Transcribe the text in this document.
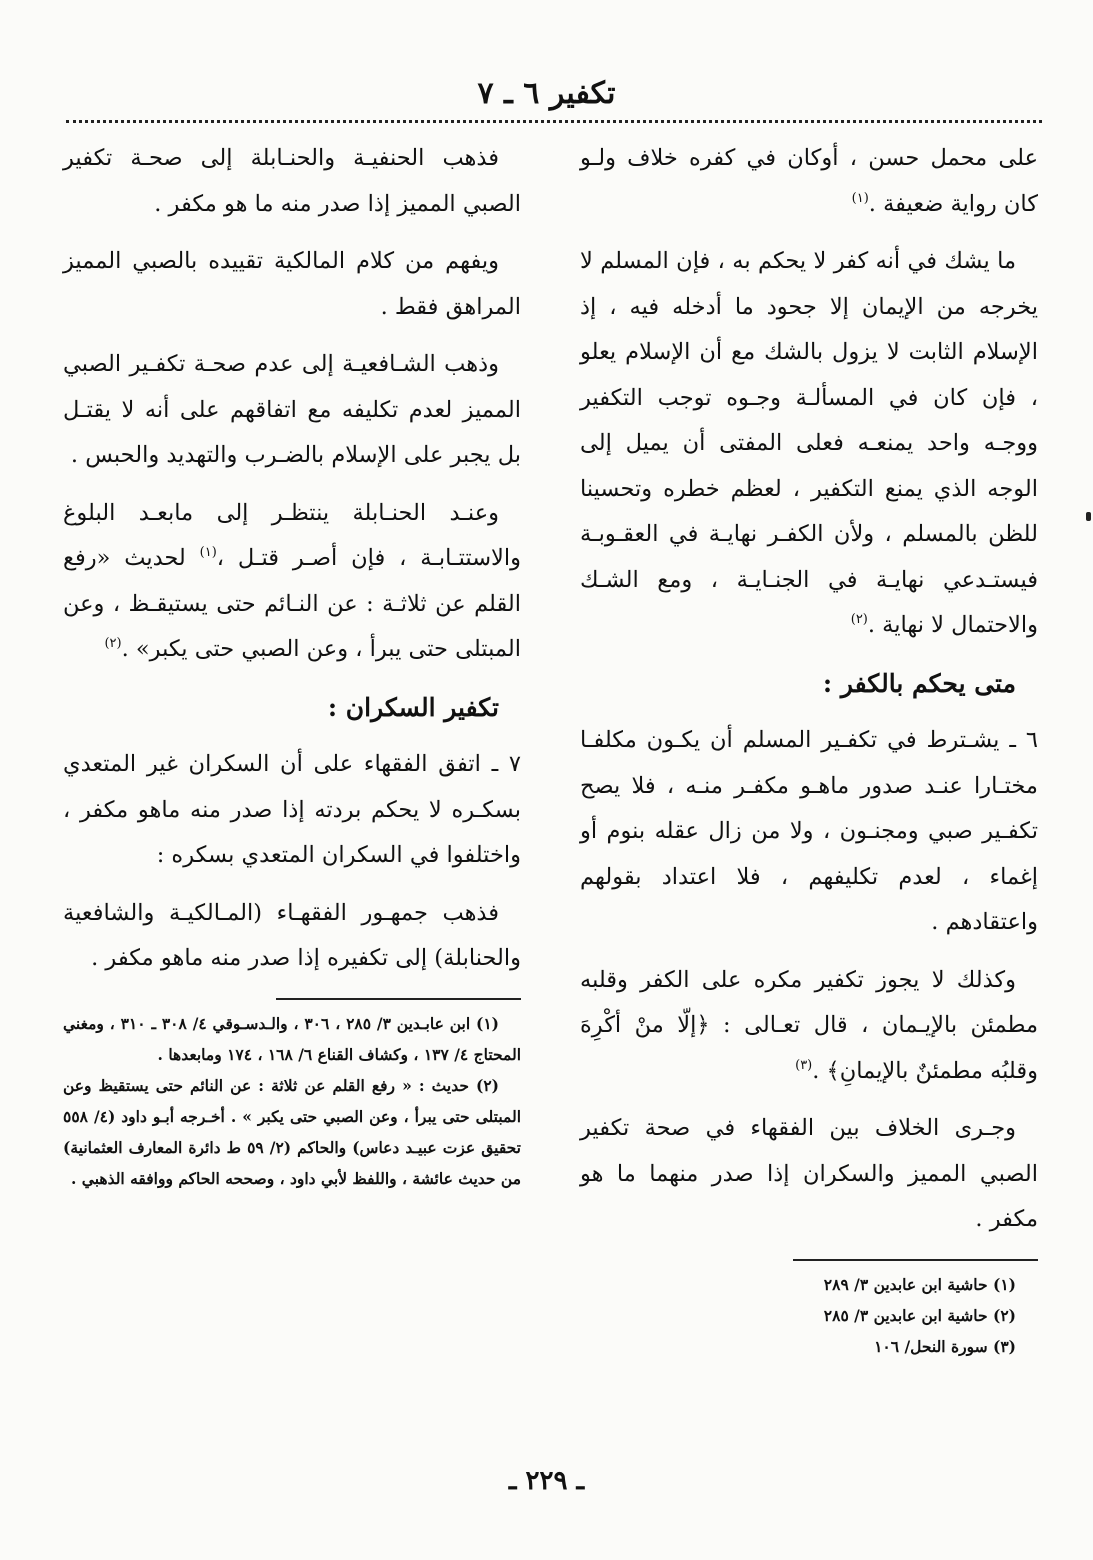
تكفير ٦ ـ ٧

على محمل حسن ، أوكان في كفره خلاف ولـو كان رواية ضعيفة .$^{(١)}$

ما يشك في أنه كفر لا يحكم به ، فإن المسلم لا يخرجه من الإيمان إلا جحود ما أدخله فيه ، إذ الإسلام الثابت لا يزول بالشك مع أن الإسلام يعلو ، فإن كان في المسألـة وجـوه توجب التكفير ووجـه واحد يمنعـه فعلى المفتى أن يميل إلى الوجه الذي يمنع التكفير ، لعظم خطره وتحسينا للظن بالمسلم ، ولأن الكفـر نهايـة في العقـوبـة فيستـدعي نهايـة في الجنـايـة ، ومع الشـك والاحتمال لا نهاية .$^{(٢)}$

متى يحكم بالكفر :

٦ ـ يشـترط في تكفـير المسلم أن يكـون مكلفـا مختـارا عنـد صدور ماهـو مكفـر منـه ، فلا يصح تكفـير صبي ومجنـون ، ولا من زال عقله بنوم أو إغماء ، لعدم تكليفهم ، فلا اعتداد بقولهم واعتقادهم .

وكذلك لا يجوز تكفير مكره على الكفر وقلبه مطمئن بالإيـمان ، قال تعـالى : ﴿إلّا منْ أكْرِهَ وقلبُه مطمئنٌ بالإيمانِ﴾ .$^{(٣)}$

وجـرى الخلاف بين الفقهاء في صحة تكفير الصبي المميز والسكران إذا صدر منهما ما هو مكفر .

(١) حاشية ابن عابدين ٣/ ٢٨٩

(٢) حاشية ابن عابدين ٣/ ٢٨٥

(٣) سورة النحل/ ١٠٦

فذهب الحنفيـة والحنـابلة إلى صحـة تكفير الصبي المميز إذا صدر منه ما هو مكفر .

ويفهم من كلام المالكية تقييده بالصبي المميز المراهق فقط .

وذهب الشـافعيـة إلى عدم صحـة تكفـير الصبي المميز لعدم تكليفه مع اتفاقهم على أنه لا يقتـل بل يجبر على الإسلام بالضـرب والتهديد والحبس .

وعنـد الحنـابلة ينتظـر إلى مابعـد البلوغ والاستتـابـة ، فإن أصـر قتـل ،$^{(١)}$ لحديث «رفع القلم عن ثلاثـة : عن النـائم حتى يستيقـظ ، وعن المبتلى حتى يبرأ ، وعن الصبي حتى يكبر» .$^{(٢)}$

تكفير السكران :

٧ ـ اتفق الفقهاء على أن السكران غير المتعدي بسكـره لا يحكم بردته إذا صدر منه ماهو مكفر ، واختلفوا في السكران المتعدي بسكره :

فذهب جمهـور الفقهـاء (المـالكيـة والشافعية والحنابلة) إلى تكفيره إذا صدر منه ماهو مكفر .

(١) ابن عابـدين ٣/ ٢٨٥ ، ٣٠٦ ، والـدسـوقي ٤/ ٣٠٨ ـ ٣١٠ ، ومغني المحتاج ٤/ ١٣٧ ، وكشاف القناع ٦/ ١٦٨ ، ١٧٤ ومابعدها .

(٢) حديث : « رفع القلم عن ثلاثة : عن النائم حتى يستقيظ وعن المبتلى حتى يبرأ ، وعن الصبي حتى يكبر » . أخـرجه أبـو داود (٤/ ٥٥٨ تحقيق عزت عبيـد دعاس) والحاكم (٢/ ٥٩ ط دائرة المعارف العثمانية) من حديث عائشة ، واللفظ لأبي داود ، وصححه الحاكم ووافقه الذهبي .

ـ ٢٢٩ ـ
